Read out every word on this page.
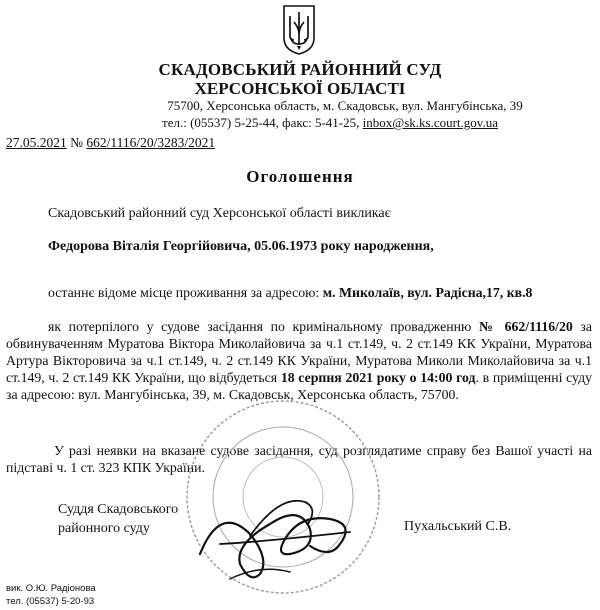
СКАДОВСЬКИЙ РАЙОННИЙ СУД
ХЕРСОНСЬКОЇ ОБЛАСТІ
75700, Херсонська область, м. Скадовськ, вул. Мангубінська, 39
тел.: (05537) 5-25-44, факс: 5-41-25, inbox@sk.ks.court.gov.ua
27.05.2021 № 662/1116/20/3283/2021
Оголошення
Скадовський районний суд Херсонської області викликає
Федорова Віталія Георгійовича, 05.06.1973 року народження,
останнє відоме місце проживання за адресою: м. Миколаїв, вул. Радісна,17, кв.8
як потерпілого у судове засідання по кримінальному провадженню № 662/1116/20 за обвинуваченням Муратова Віктора Миколайовича за ч.1 ст.149, ч. 2 ст.149 КК України, Муратова Артура Вікторовича за ч.1 ст.149, ч. 2 ст.149 КК України, Муратова Миколи Миколайовича за ч.1 ст.149, ч. 2 ст.149 КК України, що відбудеться 18 серпня 2021 року о 14:00 год. в приміщенні суду за адресою: вул. Мангубінська, 39, м. Скадовськ, Херсонська область, 75700.
У разі неявки на вказане судове засідання, суд розглядатиме справу без Вашої участі на підставі ч. 1 ст. 323 КПК України.
Суддя Скадовського
районного суду	Пухальський С.В.
вик. О.Ю. Радіонова
тел. (05537) 5-20-93
